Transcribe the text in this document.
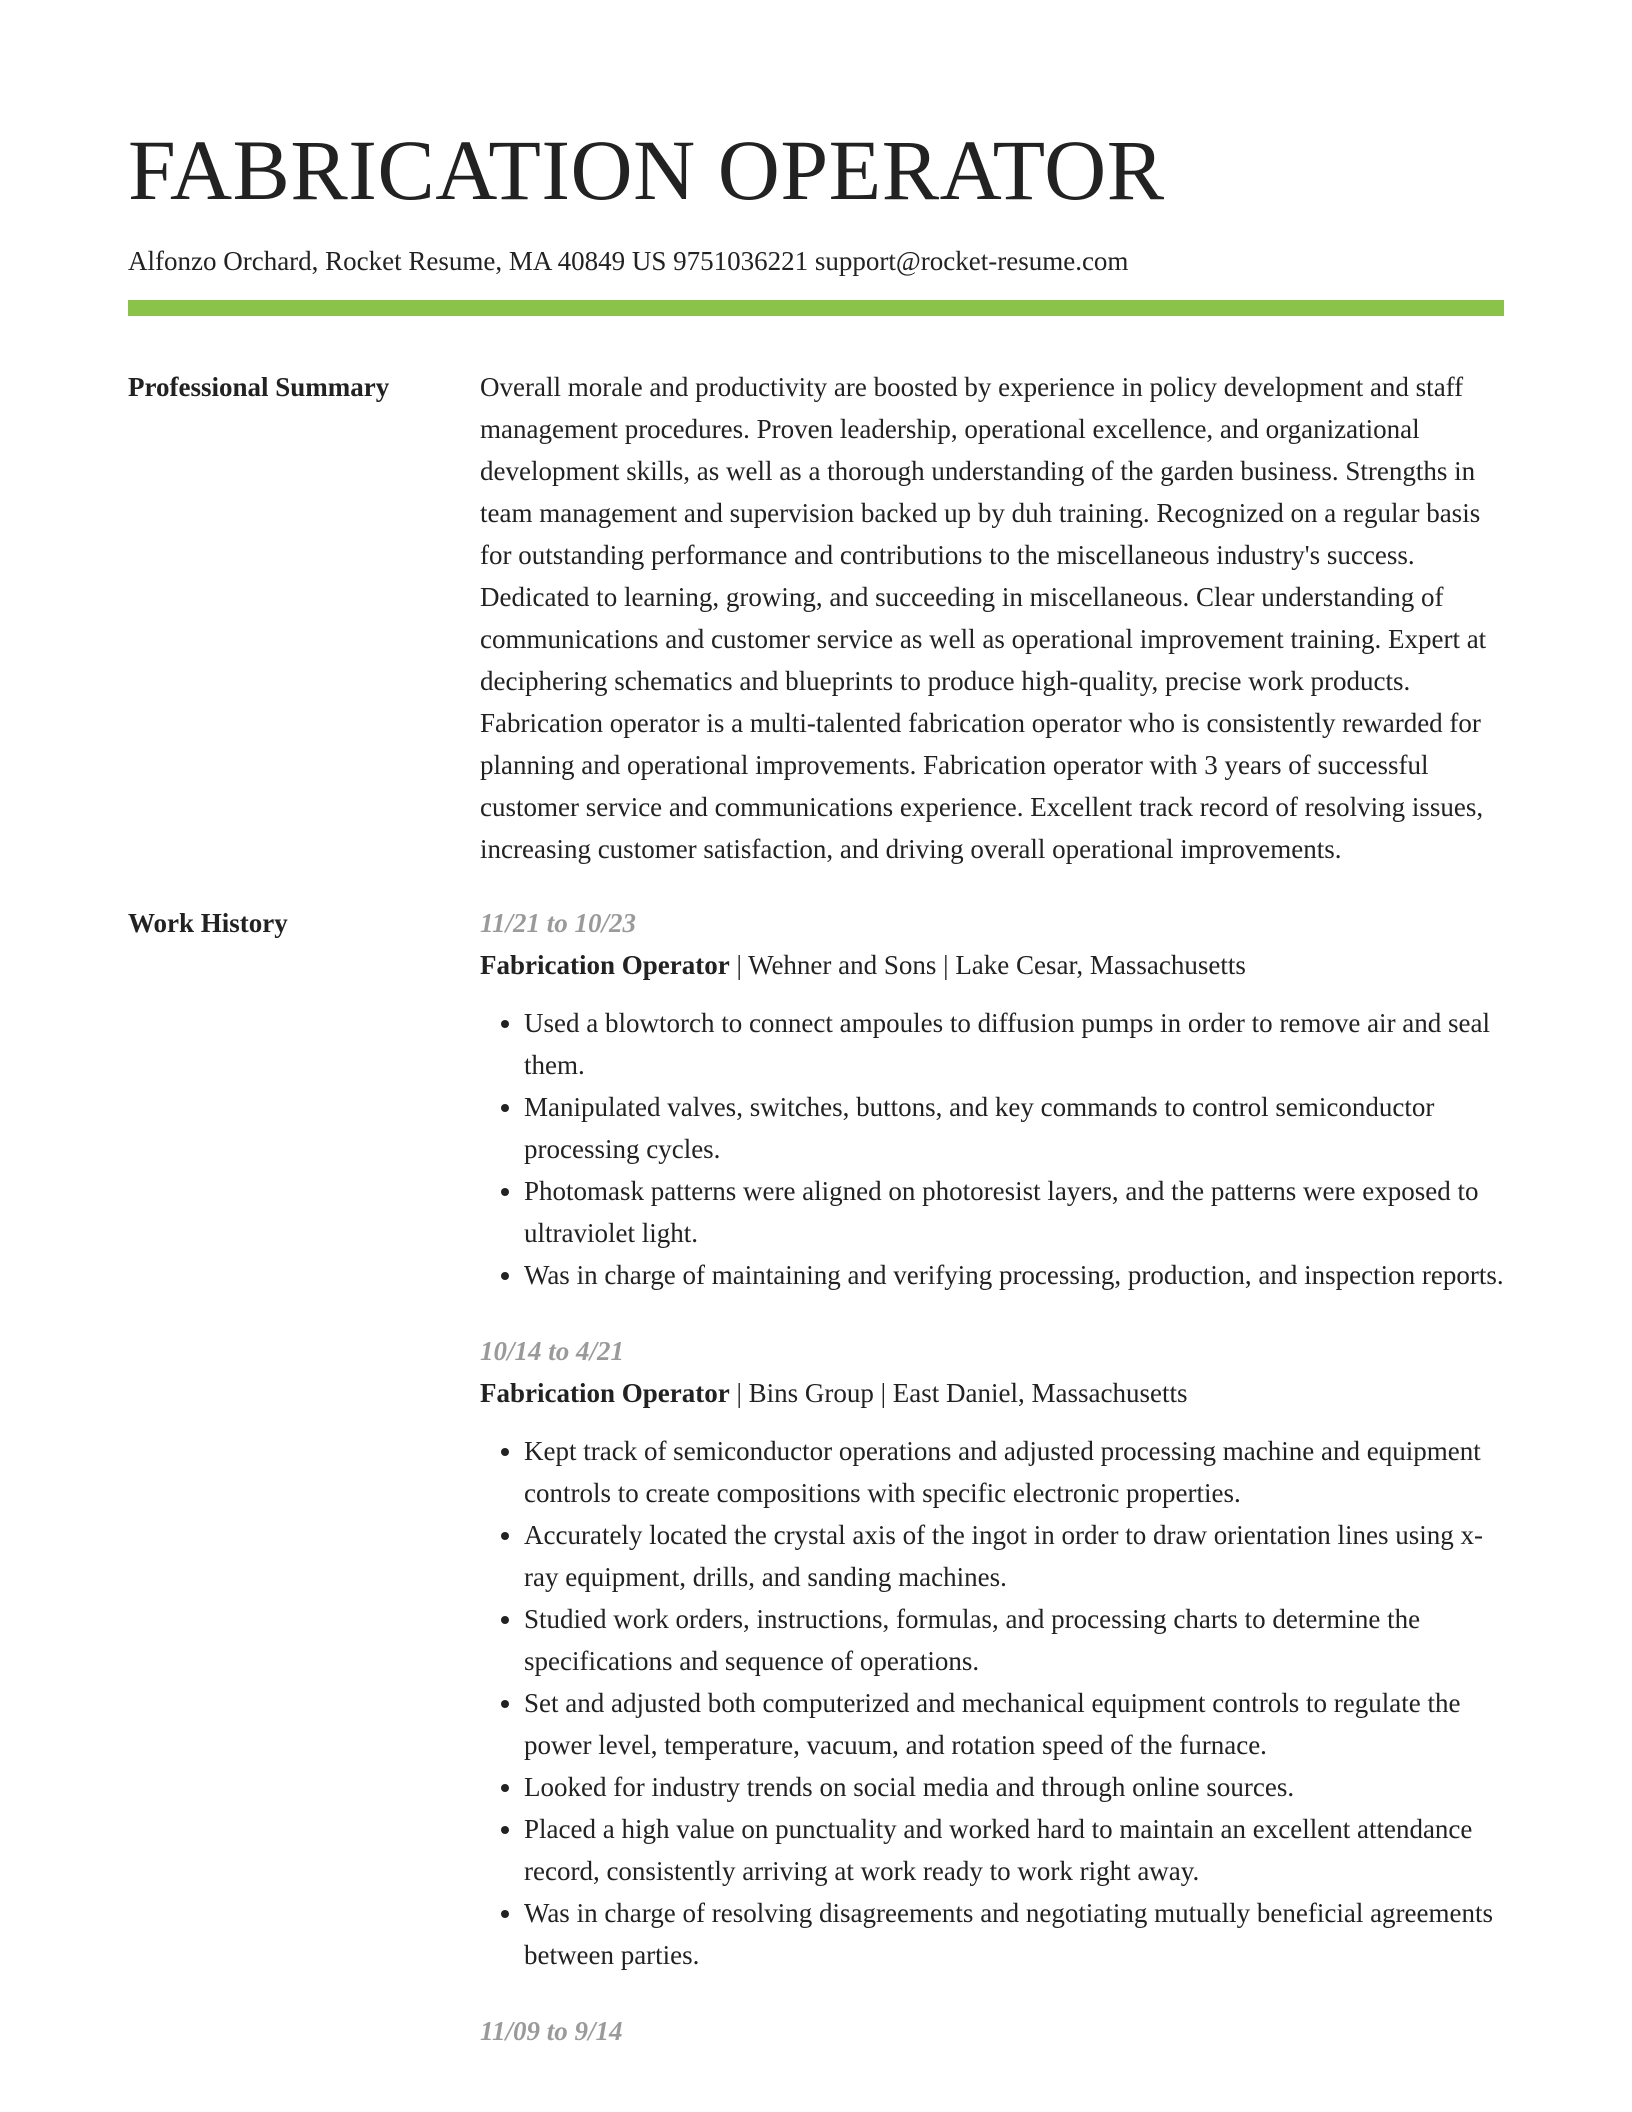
FABRICATION OPERATOR
Alfonzo Orchard, Rocket Resume, MA 40849 US 9751036221 support@rocket-resume.com
Professional Summary	Overall morale and productivity are boosted by experience in policy development and staff management procedures. Proven leadership, operational excellence, and organizational development skills, as well as a thorough understanding of the garden business. Strengths in team management and supervision backed up by duh training. Recognized on a regular basis for outstanding performance and contributions to the miscellaneous industry's success. Dedicated to learning, growing, and succeeding in miscellaneous. Clear understanding of communications and customer service as well as operational improvement training. Expert at deciphering schematics and blueprints to produce high-quality, precise work products. Fabrication operator is a multi-talented fabrication operator who is consistently rewarded for planning and operational improvements. Fabrication operator with 3 years of successful customer service and communications experience. Excellent track record of resolving issues, increasing customer satisfaction, and driving overall operational improvements.

Work History	11/21 to 10/23
Fabrication Operator | Wehner and Sons | Lake Cesar, Massachusetts
• Used a blowtorch to connect ampoules to diffusion pumps in order to remove air and seal them.
• Manipulated valves, switches, buttons, and key commands to control semiconductor processing cycles.
• Photomask patterns were aligned on photoresist layers, and the patterns were exposed to ultraviolet light.
• Was in charge of maintaining and verifying processing, production, and inspection reports.
10/14 to 4/21
Fabrication Operator | Bins Group | East Daniel, Massachusetts
• Kept track of semiconductor operations and adjusted processing machine and equipment controls to create compositions with specific electronic properties.
• Accurately located the crystal axis of the ingot in order to draw orientation lines using x-ray equipment, drills, and sanding machines.
• Studied work orders, instructions, formulas, and processing charts to determine the specifications and sequence of operations.
• Set and adjusted both computerized and mechanical equipment controls to regulate the power level, temperature, vacuum, and rotation speed of the furnace.
• Looked for industry trends on social media and through online sources.
• Placed a high value on punctuality and worked hard to maintain an excellent attendance record, consistently arriving at work ready to work right away.
• Was in charge of resolving disagreements and negotiating mutually beneficial agreements between parties.
11/09 to 9/14
